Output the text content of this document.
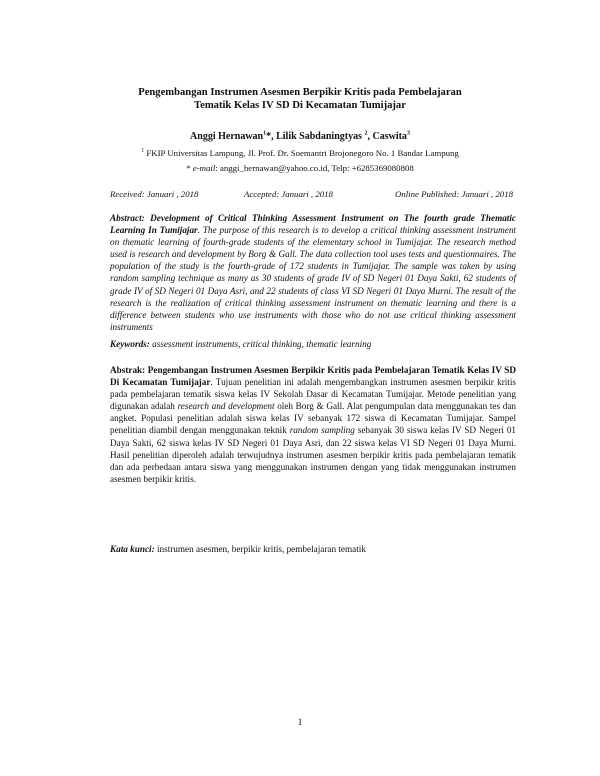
Pengembangan Instrumen Asesmen Berpikir Kritis pada Pembelajaran
Tematik Kelas IV SD Di Kecamatan Tumijajar
Anggi Hernawan$^1$*, Lilik Sabdaningtyas $^2$, Caswita$^3$
$^1$ FKIP Universitas Lampung, Jl. Prof. Dr. Soemantri Brojonegoro No. 1 Bandar Lampung
* e-mail: anggi_hernawan@yahoo.co.id, Telp: +6285369080808
Received: Januari , 2018	Accepted: Januari , 2018	Online Published: Januari , 2018
Abstract: Development of Critical Thinking Assessment Instrument on The fourth grade Thematic Learning In Tumijajar. The purpose of this research is to develop a critical thinking assessment instrument on thematic learning of fourth-grade students of the elementary school in Tumijajar. The research method used is research and development by Borg & Gall. The data collection tool uses tests and questionnaires. The population of the study is the fourth-grade of 172 students in Tumijajar. The sample was taken by using random sampling technique as many as 30 students of grade IV of SD Negeri 01 Daya Sakti, 62 students of grade IV of SD Negeri 01 Daya Asri, and 22 students of class VI SD Negeri 01 Daya Murni. The result of the research is the realization of critical thinking assessment instrument on thematic learning and there is a difference between students who use instruments with those who do not use critical thinking assessment instruments
Keywords: assessment instruments, critical thinking, thematic learning
Abstrak: Pengembangan Instrumen Asesmen Berpikir Kritis pada Pembelajaran Tematik Kelas IV SD Di Kecamatan Tumijajar. Tujuan penelitian ini adalah mengembangkan instrumen asesmen berpikir kritis pada pembelajaran tematik siswa kelas IV Sekolah Dasar di Kecamatan Tumijajar. Metode penelitian yang digunakan adalah research and development oleh Borg & Gall. Alat pengumpulan data menggunakan tes dan angket. Populasi penelitian adalah siswa kelas IV sebanyak 172 siswa di Kecamatan Tumijajar. Sampel penelitian diambil dengan menggunakan teknik random sampling sebanyak 30 siswa kelas IV SD Negeri 01 Daya Sakti, 62 siswa kelas IV SD Negeri 01 Daya Asri, dan 22 siswa kelas VI SD Negeri 01 Daya Murni. Hasil penelitian diperoleh adalah terwujudnya instrumen asesmen berpikir kritis pada pembelajaran tematik dan ada perbedaan antara siswa yang menggunakan instrumen dengan yang tidak menggunakan instrumen asesmen berpikir kritis.
Kata kunci: instrumen asesmen, berpikir kritis, pembelajaran tematik
1
